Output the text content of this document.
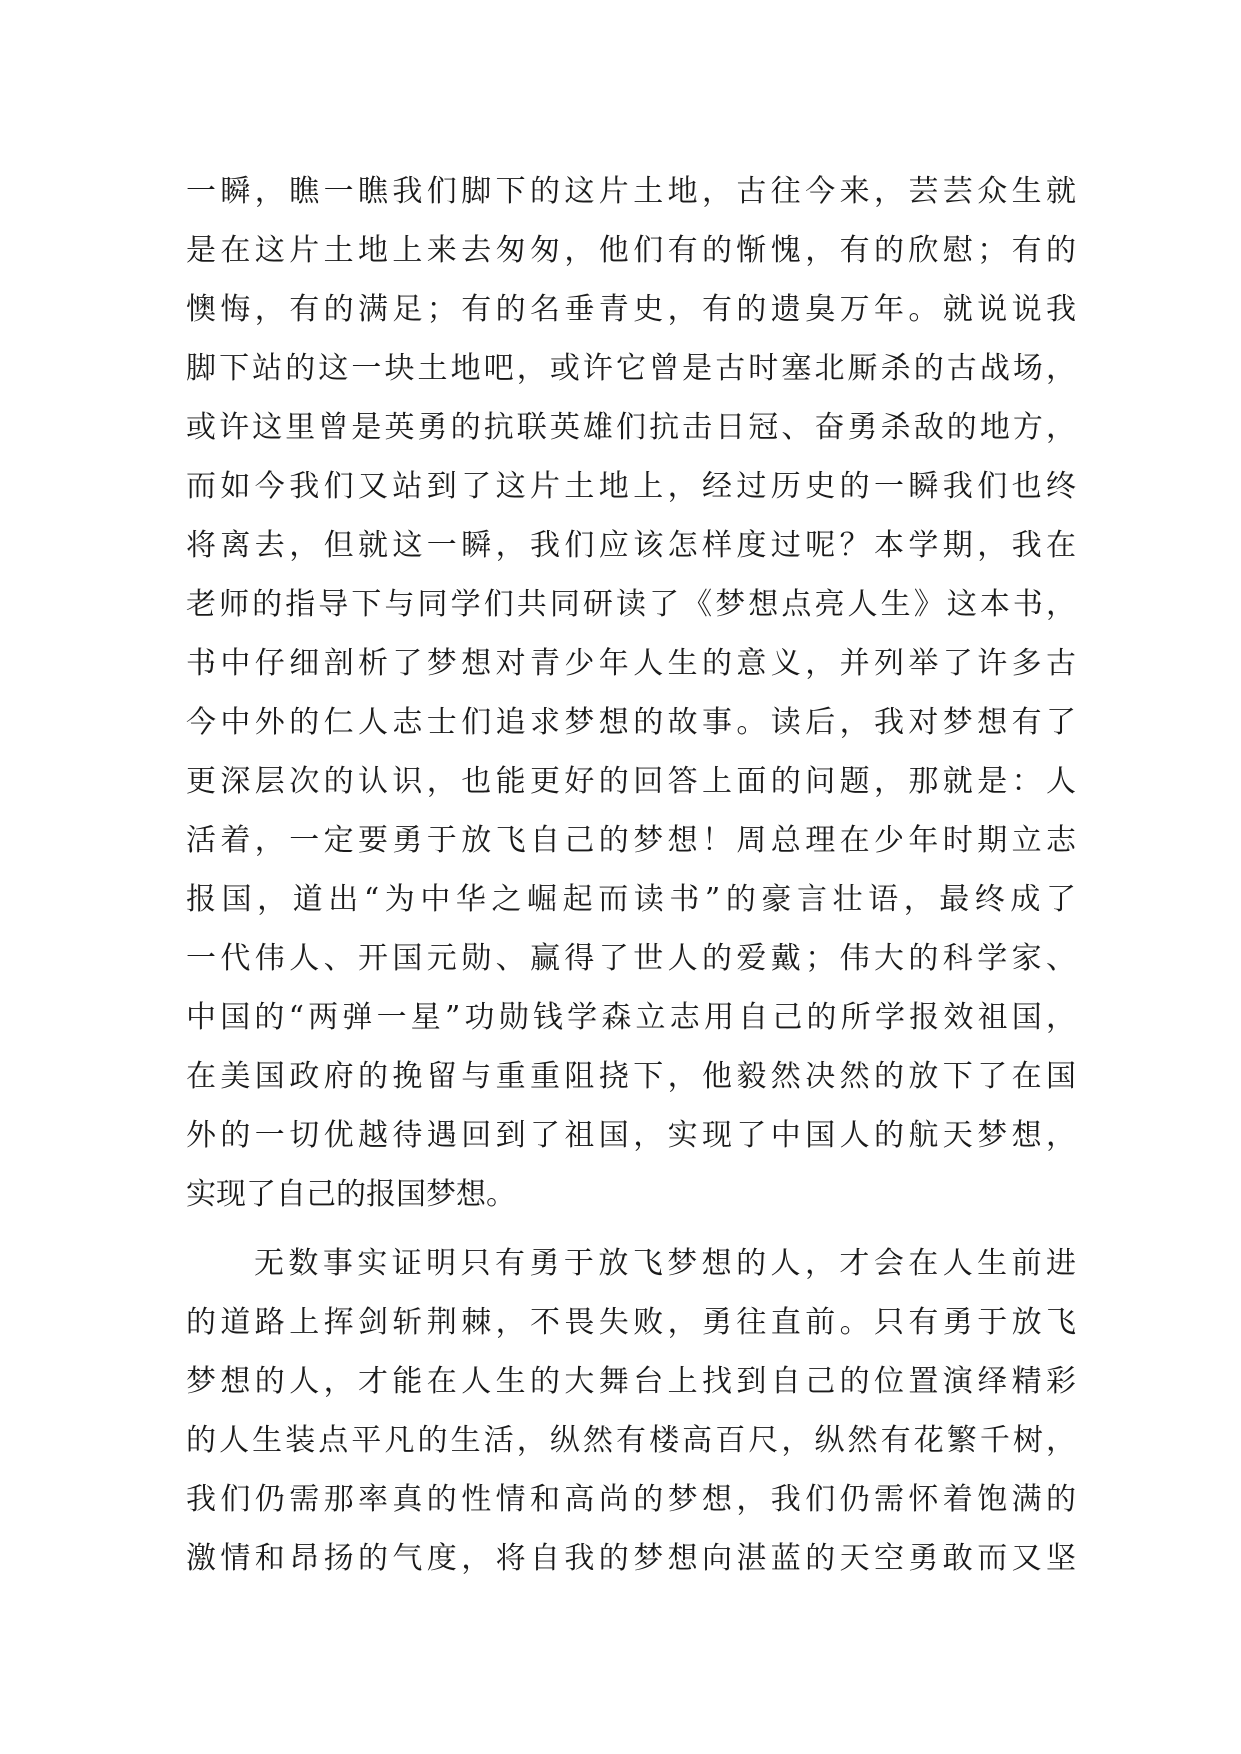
一瞬，瞧一瞧我们脚下的这片土地，古往今来，芸芸众生就
是在这片土地上来去匆匆，他们有的惭愧，有的欣慰；有的
懊悔，有的满足；有的名垂青史，有的遗臭万年。就说说我
脚下站的这一块土地吧，或许它曾是古时塞北厮杀的古战场，
或许这里曾是英勇的抗联英雄们抗击日冠、奋勇杀敌的地方，
而如今我们又站到了这片土地上，经过历史的一瞬我们也终
将离去，但就这一瞬，我们应该怎样度过呢？本学期，我在
老师的指导下与同学们共同研读了《梦想点亮人生》这本书，
书中仔细剖析了梦想对青少年人生的意义，并列举了许多古
今中外的仁人志士们追求梦想的故事。读后，我对梦想有了
更深层次的认识，也能更好的回答上面的问题，那就是：人
活着，一定要勇于放飞自己的梦想！周总理在少年时期立志
报国，道出“为中华之崛起而读书”的豪言壮语，最终成了
一代伟人、开国元勋、赢得了世人的爱戴；伟大的科学家、
中国的“两弹一星”功勋钱学森立志用自己的所学报效祖国，
在美国政府的挽留与重重阻挠下，他毅然决然的放下了在国
外的一切优越待遇回到了祖国，实现了中国人的航天梦想，
实现了自己的报国梦想。
无数事实证明只有勇于放飞梦想的人，才会在人生前进
的道路上挥剑斩荆棘，不畏失败，勇往直前。只有勇于放飞
梦想的人，才能在人生的大舞台上找到自己的位置演绎精彩
的人生装点平凡的生活，纵然有楼高百尺，纵然有花繁千树，
我们仍需那率真的性情和高尚的梦想，我们仍需怀着饱满的
激情和昂扬的气度，将自我的梦想向湛蓝的天空勇敢而又坚
